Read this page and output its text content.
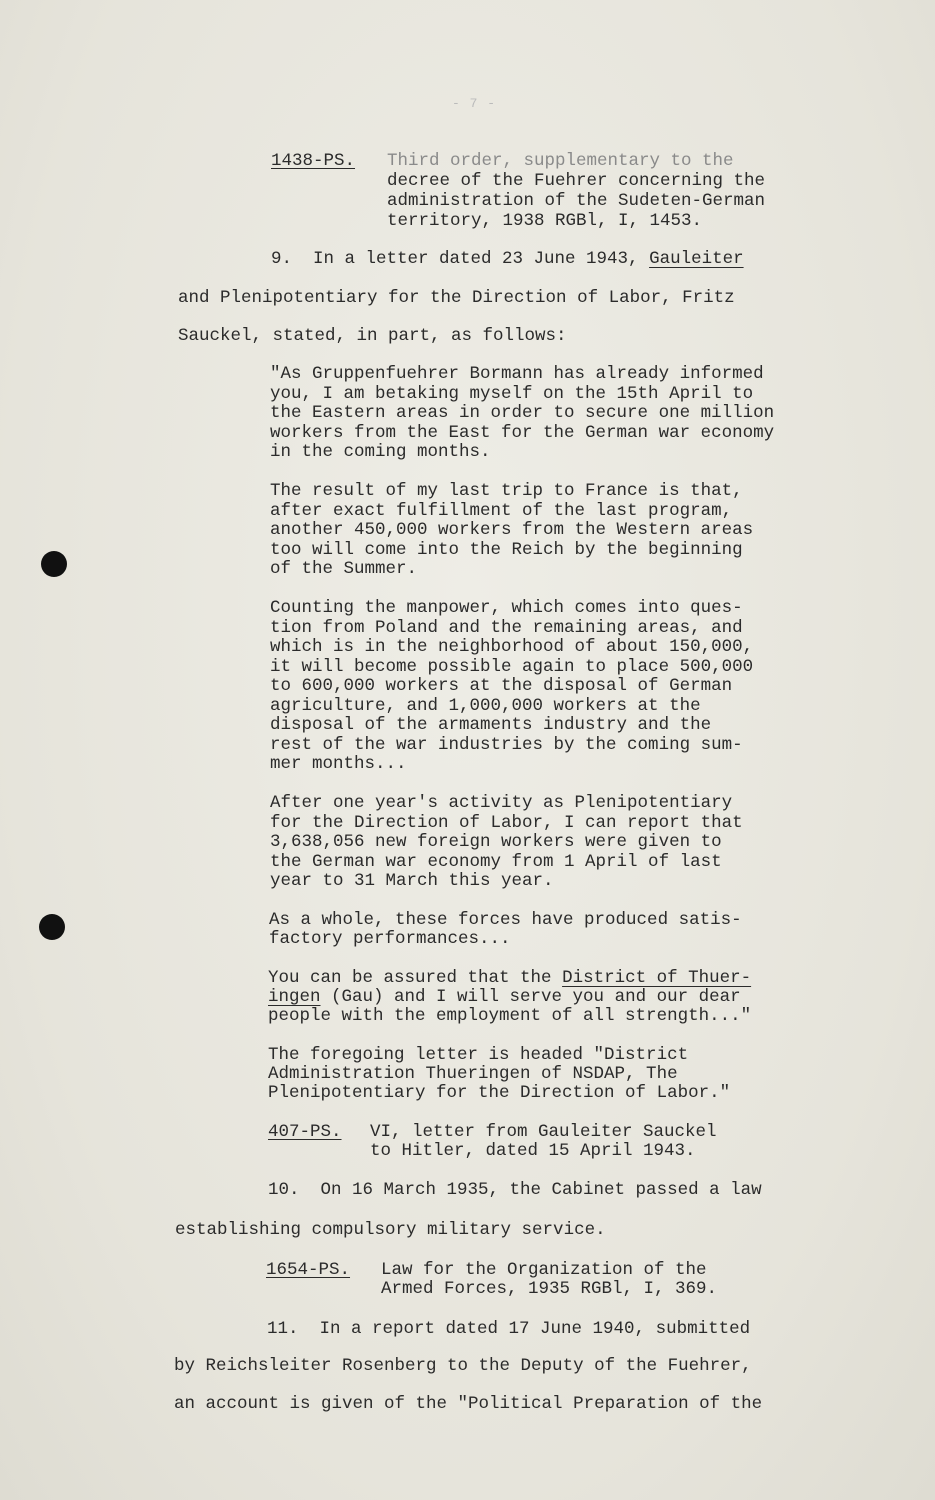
- 7 -
1438-PS. Third order, supplementary to the
decree of the Fuehrer concerning the
administration of the Sudeten-German
territory, 1938 RGBl, I, 1453.
9.  In a letter dated 23 June 1943, Gauleiter
and Plenipotentiary for the Direction of Labor, Fritz
Sauckel, stated, in part, as follows:
"As Gruppenfuehrer Bormann has already informed
you, I am betaking myself on the 15th April to
the Eastern areas in order to secure one million
workers from the East for the German war economy
in the coming months.
The result of my last trip to France is that,
after exact fulfillment of the last program,
another 450,000 workers from the Western areas
too will come into the Reich by the beginning
of the Summer.
Counting the manpower, which comes into ques-
tion from Poland and the remaining areas, and
which is in the neighborhood of about 150,000,
it will become possible again to place 500,000
to 600,000 workers at the disposal of German
agriculture, and 1,000,000 workers at the
disposal of the armaments industry and the
rest of the war industries by the coming sum-
mer months...
After one year's activity as Plenipotentiary
for the Direction of Labor, I can report that
3,638,056 new foreign workers were given to
the German war economy from 1 April of last
year to 31 March this year.
As a whole, these forces have produced satis-
factory performances...
You can be assured that the District of Thuer-
ingen (Gau) and I will serve you and our dear
people with the employment of all strength..."
The foregoing letter is headed "District
Administration Thueringen of NSDAP, The
Plenipotentiary for the Direction of Labor."
407-PS. VI, letter from Gauleiter Sauckel
to Hitler, dated 15 April 1943.
10.  On 16 March 1935, the Cabinet passed a law
establishing compulsory military service.
1654-PS. Law for the Organization of the
Armed Forces, 1935 RGBl, I, 369.
11.  In a report dated 17 June 1940, submitted
by Reichsleiter Rosenberg to the Deputy of the Fuehrer,
an account is given of the "Political Preparation of the
